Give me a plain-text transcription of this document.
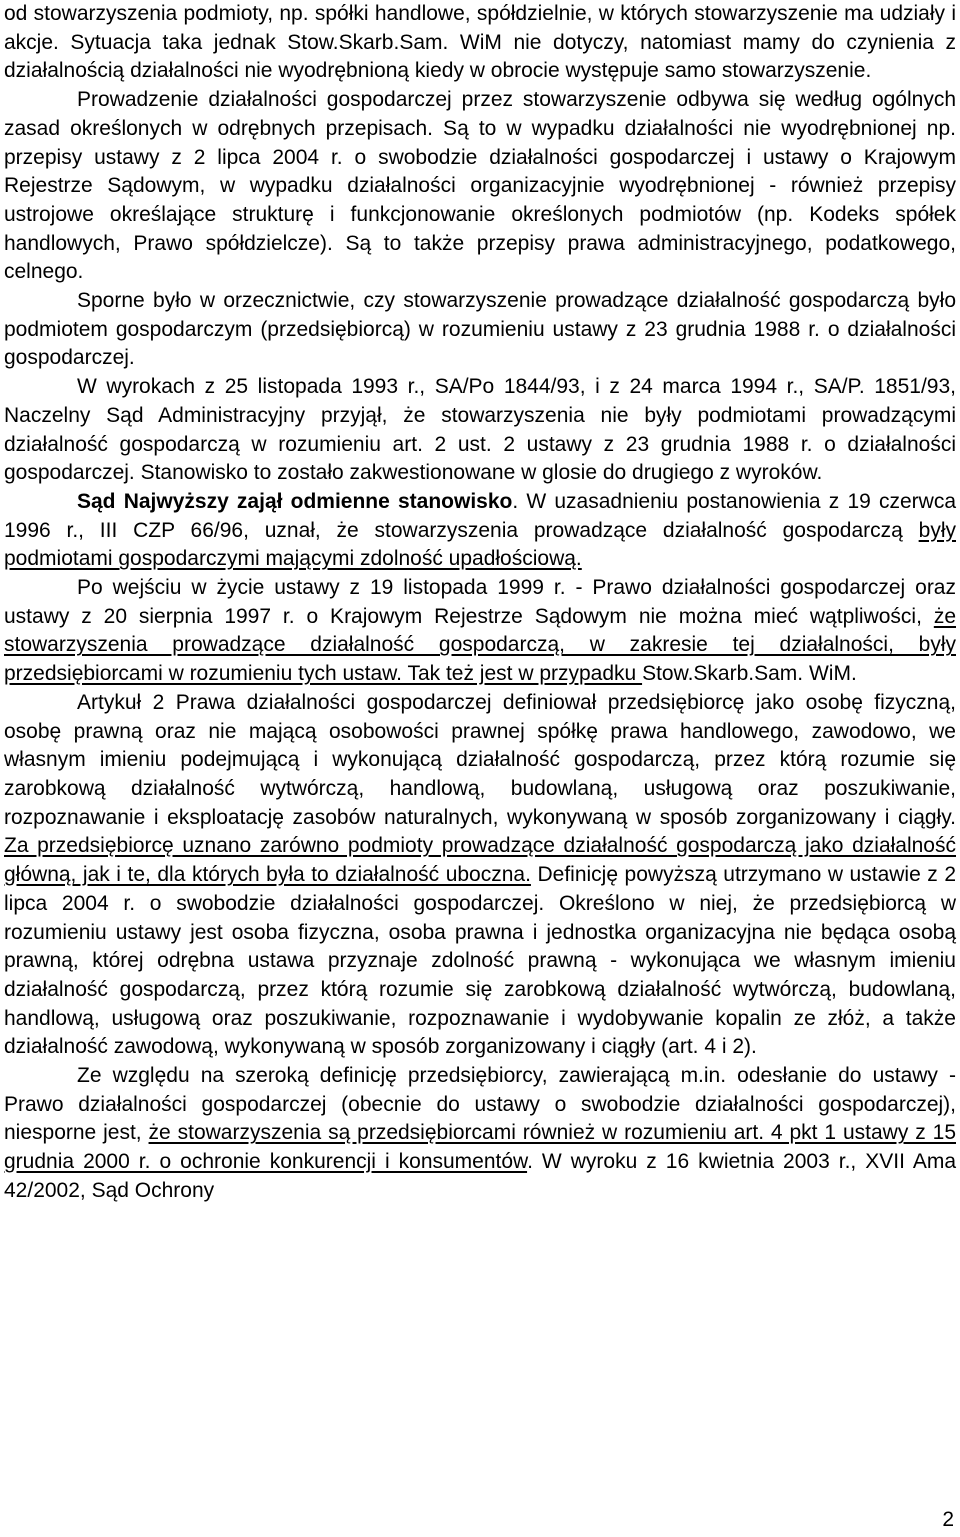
od stowarzyszenia podmioty, np. spółki handlowe, spółdzielnie, w których stowarzyszenie ma udziały i akcje. Sytuacja taka jednak Stow.Skarb.Sam. WiM nie dotyczy, natomiast mamy do czynienia z działalnością działalności nie wyodrębnioną kiedy w obrocie występuje samo stowarzyszenie.

Prowadzenie działalności gospodarczej przez stowarzyszenie odbywa się według ogólnych zasad określonych w odrębnych przepisach. Są to w wypadku działalności nie wyodrębnionej np. przepisy ustawy z 2 lipca 2004 r. o swobodzie działalności gospodarczej i ustawy o Krajowym Rejestrze Sądowym, w wypadku działalności organizacyjnie wyodrębnionej - również przepisy ustrojowe określające strukturę i funkcjonowanie określonych podmiotów (np. Kodeks spółek handlowych, Prawo spółdzielcze). Są to także przepisy prawa administracyjnego, podatkowego, celnego.

Sporne było w orzecznictwie, czy stowarzyszenie prowadzące działalność gospodarczą było podmiotem gospodarczym (przedsiębiorcą) w rozumieniu ustawy z 23 grudnia 1988 r. o działalności gospodarczej.

W wyrokach z 25 listopada 1993 r., SA/Po 1844/93, i z 24 marca 1994 r., SA/P. 1851/93, Naczelny Sąd Administracyjny przyjął, że stowarzyszenia nie były podmiotami prowadzącymi działalność gospodarczą w rozumieniu art. 2 ust. 2 ustawy z 23 grudnia 1988 r. o działalności gospodarczej. Stanowisko to zostało zakwestionowane w glosie do drugiego z wyroków.

Sąd Najwyższy zajął odmienne stanowisko. W uzasadnieniu postanowienia z 19 czerwca 1996 r., III CZP 66/96, uznał, że stowarzyszenia prowadzące działalność gospodarczą były podmiotami gospodarczymi mającymi zdolność upadłościową.

Po wejściu w życie ustawy z 19 listopada 1999 r. - Prawo działalności gospodarczej oraz ustawy z 20 sierpnia 1997 r. o Krajowym Rejestrze Sądowym nie można mieć wątpliwości, że stowarzyszenia prowadzące działalność gospodarczą, w zakresie tej działalności, były przedsiębiorcami w rozumieniu tych ustaw. Tak też jest w przypadku Stow.Skarb.Sam. WiM.

Artykuł 2 Prawa działalności gospodarczej definiował przedsiębiorcę jako osobę fizyczną, osobę prawną oraz nie mającą osobowości prawnej spółkę prawa handlowego, zawodowo, we własnym imieniu podejmującą i wykonującą działalność gospodarczą, przez którą rozumie się zarobkową działalność wytwórczą, handlową, budowlaną, usługową oraz poszukiwanie, rozpoznawanie i eksploatację zasobów naturalnych, wykonywaną w sposób zorganizowany i ciągły. Za przedsiębiorcę uznano zarówno podmioty prowadzące działalność gospodarczą jako działalność główną, jak i te, dla których była to działalność uboczna. Definicję powyższą utrzymano w ustawie z 2 lipca 2004 r. o swobodzie działalności gospodarczej. Określono w niej, że przedsiębiorcą w rozumieniu ustawy jest osoba fizyczna, osoba prawna i jednostka organizacyjna nie będąca osobą prawną, której odrębna ustawa przyznaje zdolność prawną - wykonująca we własnym imieniu działalność gospodarczą, przez którą rozumie się zarobkową działalność wytwórczą, budowlaną, handlową, usługową oraz poszukiwanie, rozpoznawanie i wydobywanie kopalin ze złóż, a także działalność zawodową, wykonywaną w sposób zorganizowany i ciągły (art. 4 i 2).

Ze względu na szeroką definicję przedsiębiorcy, zawierającą m.in. odesłanie do ustawy - Prawo działalności gospodarczej (obecnie do ustawy o swobodzie działalności gospodarczej), niesporne jest, że stowarzyszenia są przedsiębiorcami również w rozumieniu art. 4 pkt 1 ustawy z 15 grudnia 2000 r. o ochronie konkurencji i konsumentów. W wyroku z 16 kwietnia 2003 r., XVII Ama 42/2002, Sąd Ochrony

2
